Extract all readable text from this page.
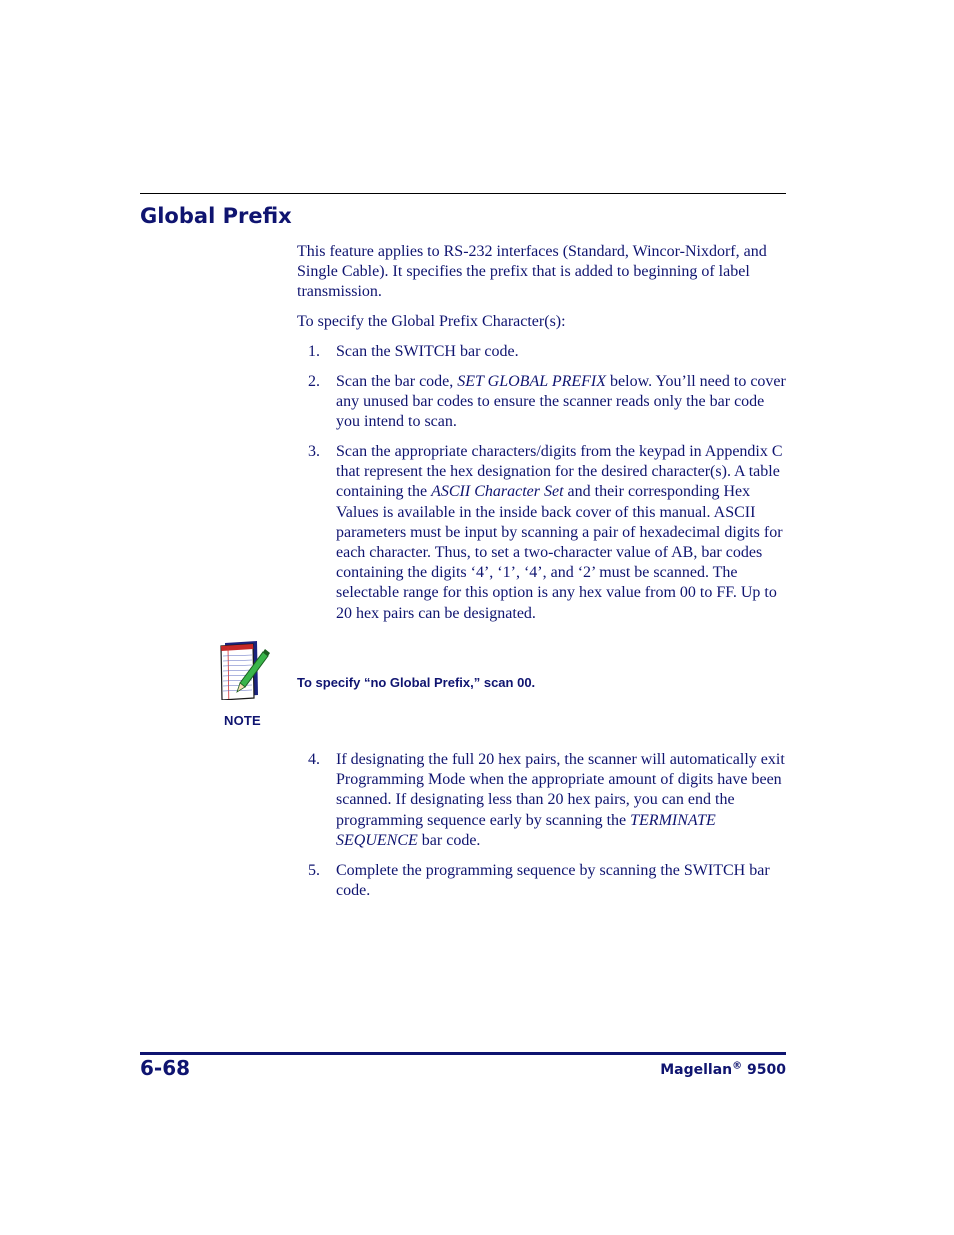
Global Prefix

This feature applies to RS-232 interfaces (Standard, Wincor-Nixdorf, and Single Cable). It specifies the prefix that is added to beginning of label transmission.

To specify the Global Prefix Character(s):

1. Scan the SWITCH bar code.
2. Scan the bar code, SET GLOBAL PREFIX below. You’ll need to cover any unused bar codes to ensure the scanner reads only the bar code you intend to scan.
3. Scan the appropriate characters/digits from the keypad in Appendix C that represent the hex designation for the desired character(s). A table containing the ASCII Character Set and their corresponding Hex Values is available in the inside back cover of this manual. ASCII parameters must be input by scanning a pair of hexadecimal digits for each character. Thus, to set a two-character value of AB, bar codes containing the digits ‘4’, ‘1’, ‘4’, and ‘2’ must be scanned. The selectable range for this option is any hex value from 00 to FF. Up to 20 hex pairs can be designated.
NOTE
To specify “no Global Prefix,” scan 00.
4. If designating the full 20 hex pairs, the scanner will automatically exit Programming Mode when the appropriate amount of digits have been scanned. If designating less than 20 hex pairs, you can end the programming sequence early by scanning the TERMINATE SEQUENCE bar code.
5. Complete the programming sequence by scanning the SWITCH bar code.
6-68	Magellan® 9500
